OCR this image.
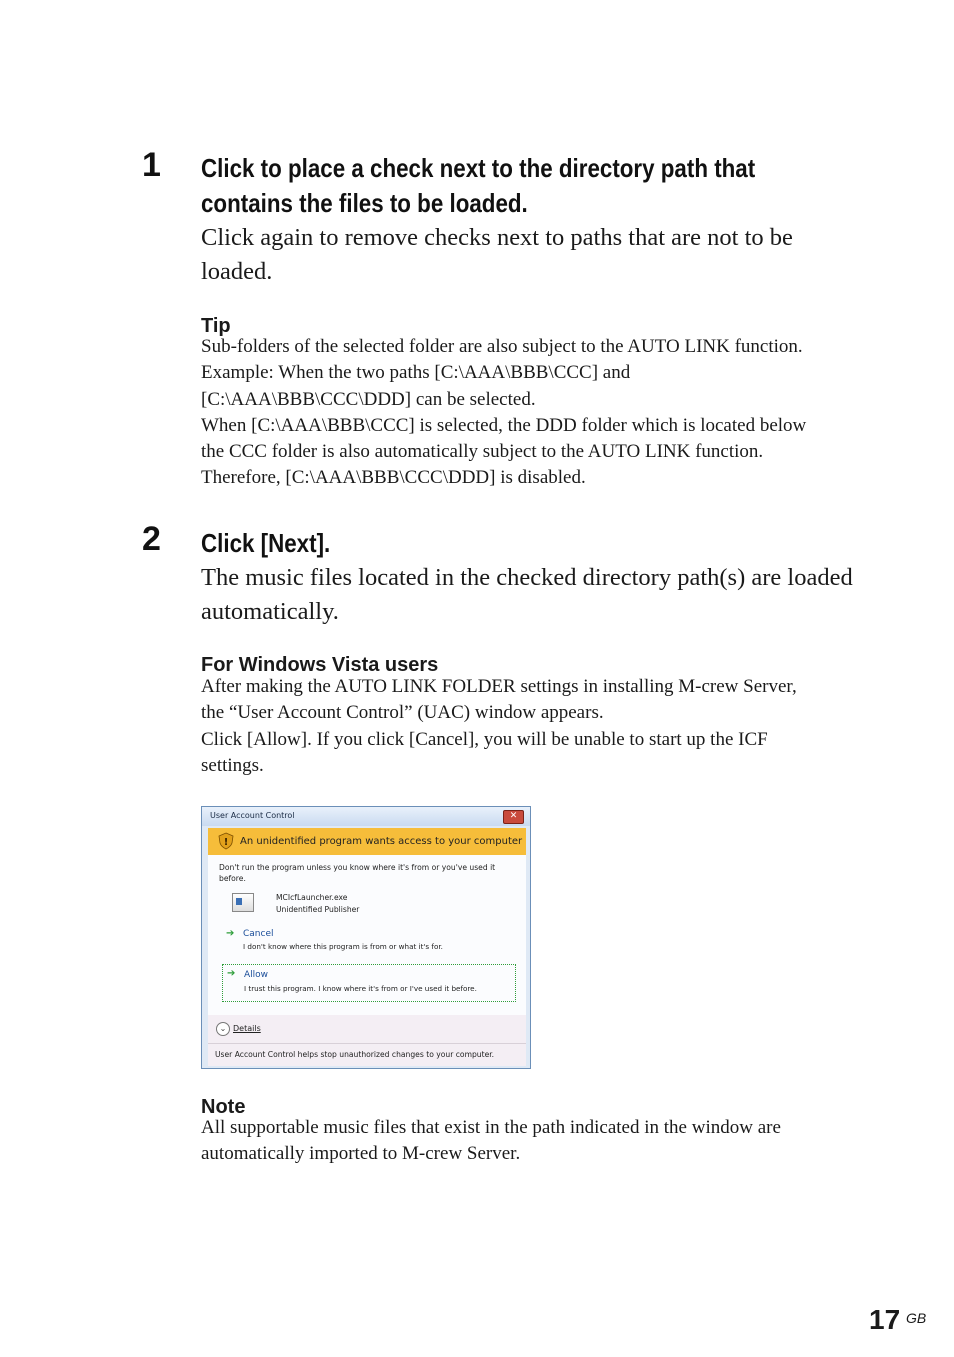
1 Click to place a check next to the directory path that
contains the files to be loaded.
Click again to remove checks next to paths that are not to be loaded.
Tip

Sub-folders of the selected folder are also subject to the AUTO LINK function.

Example: When the two paths [C:\AAA\BBB\CCC] and

[C:\AAA\BBB\CCC\DDD] can be selected.

When [C:\AAA\BBB\CCC] is selected, the DDD folder which is located below

the CCC folder is also automatically subject to the AUTO LINK function.

Therefore, [C:\AAA\BBB\CCC\DDD] is disabled.

2 Click [Next].
The music files located in the checked directory path(s) are loaded automatically.
For Windows Vista users

After making the AUTO LINK FOLDER settings in installing M-crew Server,

the “User Account Control” (UAC) window appears.

Click [Allow]. If you click [Cancel], you will be unable to start up the ICF

settings.

User Account Control	✕
! An unidentified program wants access to your computer
Don't run the program unless you know where it's from or you've used it before.
MCIcfLauncher.exe
Unidentified Publisher
➔ Cancel
I don't know where this program is from or what it's for.
➔ Allow
I trust this program. I know where it's from or I've used it before.
⌄ Details
User Account Control helps stop unauthorized changes to your computer.
Note

All supportable music files that exist in the path indicated in the window are

automatically imported to M-crew Server.

17 GB
